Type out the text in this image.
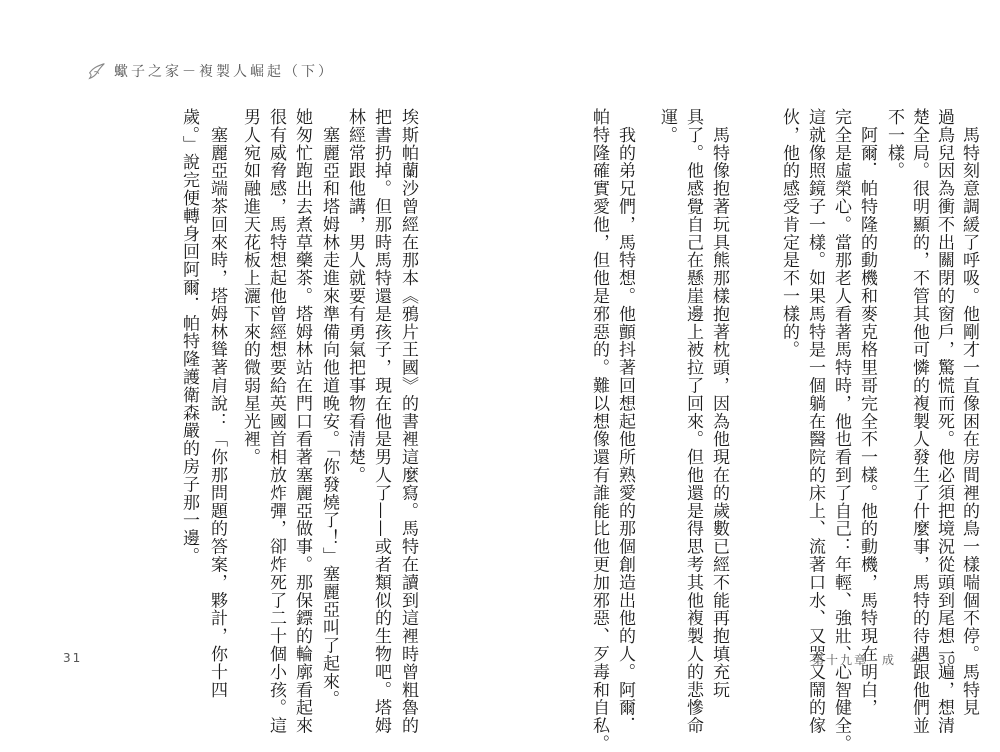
蠍子之家－複製人崛起（下）
　馬特刻意調緩了呼吸。他剛才一直像困在房間裡的鳥一樣喘個不停。馬特見
過鳥兒因為衝不出關閉的窗戶，驚慌而死。他必須把境況從頭到尾想一遍，想清
楚全局。很明顯的，不管其他可憐的複製人發生了什麼事，馬特的待遇跟他們並
不一樣。
　阿爾．帕特隆的動機和麥克格里哥完全不一樣。他的動機，馬特現在明白，
完全是虛榮心。當那老人看著馬特時，他也看到了自己：年輕、強壯、心智健全。
這就像照鏡子一樣。如果馬特是一個躺在醫院的床上、流著口水、又哭又鬧的傢
伙，他的感受肯定是不一樣的。
　馬特像抱著玩具熊那樣抱著枕頭，因為他現在的歲數已經不能再抱填充玩
具了。他感覺自己在懸崖邊上被拉了回來。但他還是得思考其他複製人的悲慘命
運。
　我的弟兄們，馬特想。他顫抖著回想起他所熟愛的那個創造出他的人。阿爾．
帕特隆確實愛他，但他是邪惡的。難以想像還有誰能比他更加邪惡、歹毒和自私。
埃斯帕蘭沙曾經在那本《鴉片王國》的書裡這麼寫。馬特在讀到這裡時曾粗魯的
把書扔掉。但那時馬特還是孩子，現在他是男人了——或者類似的生物吧。塔姆
林經常跟他講，男人就要有勇氣把事物看清楚。
　塞麗亞和塔姆林走進來準備向他道晚安。「你發燒了！」塞麗亞叫了起來。
她匆忙跑出去煮草藥茶。塔姆林站在門口看著塞麗亞做事。那保鏢的輪廓看起來
很有威脅感，馬特想起他曾經想要給英國首相放炸彈，卻炸死了二十個小孩。這
男人宛如融進天花板上灑下來的微弱星光裡。
　塞麗亞端茶回來時，塔姆林聳著肩說：「你那問題的答案，夥計，你十四
歲。」說完便轉身回阿爾．帕特隆護衛森嚴的房子那一邊。
31	第十九章　成　年　30
